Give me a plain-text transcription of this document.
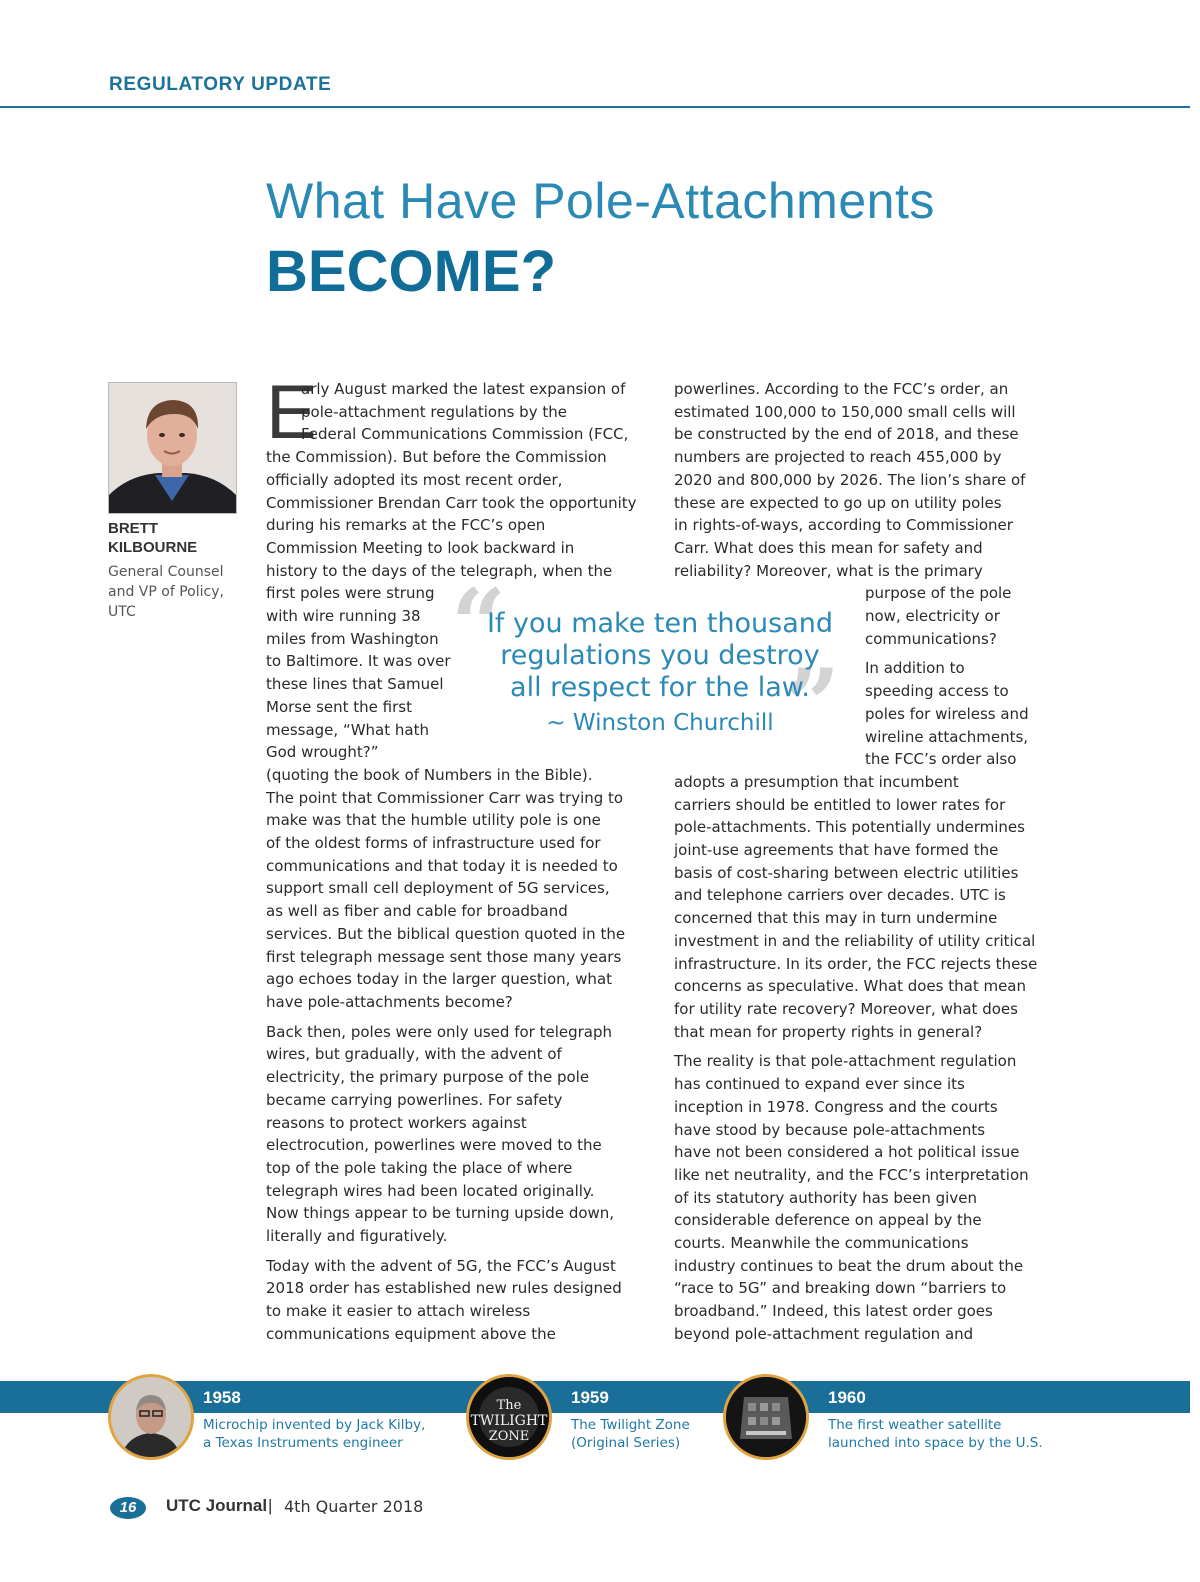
REGULATORY UPDATE
What Have Pole-Attachments
BECOME?
BRETT
KILBOURNE
General Counsel and VP of Policy, UTC
E

arly August marked the latest expansion of
pole-attachment regulations by the
Federal Communications Commission (FCC,
the Commission). But before the Commission
officially adopted its most recent order,
Commissioner Brendan Carr took the opportunity
during his remarks at the FCC’s open
Commission Meeting to look backward in
history to the days of the telegraph, when the
first poles were strung
with wire running 38
miles from Washington
to Baltimore. It was over
these lines that Samuel
Morse sent the first
message, “What hath
God wrought?”
(quoting the book of Numbers in the Bible).
The point that Commissioner Carr was trying to
make was that the humble utility pole is one
of the oldest forms of infrastructure used for
communications and that today it is needed to
support small cell deployment of 5G services,
as well as fiber and cable for broadband
services. But the biblical question quoted in the
first telegraph message sent those many years
ago echoes today in the larger question, what
have pole-attachments become?

Back then, poles were only used for telegraph
wires, but gradually, with the advent of
electricity, the primary purpose of the pole
became carrying powerlines. For safety
reasons to protect workers against
electrocution, powerlines were moved to the
top of the pole taking the place of where
telegraph wires had been located originally.
Now things appear to be turning upside down,
literally and figuratively.

Today with the advent of 5G, the FCC’s August
2018 order has established new rules designed
to make it easier to attach wireless
communications equipment above the

powerlines. According to the FCC’s order, an
estimated 100,000 to 150,000 small cells will
be constructed by the end of 2018, and these
numbers are projected to reach 455,000 by
2020 and 800,000 by 2026. The lion’s share of
these are expected to go up on utility poles
in rights-of-ways, according to Commissioner
Carr. What does this mean for safety and
reliability? Moreover, what is the primary
purpose of the pole
now, electricity or
communications?

In addition to
speeding access to
poles for wireless and
wireline attachments,
the FCC’s order also
adopts a presumption that incumbent
carriers should be entitled to lower rates for
pole-attachments. This potentially undermines
joint-use agreements that have formed the
basis of cost-sharing between electric utilities
and telephone carriers over decades. UTC is
concerned that this may in turn undermine
investment in and the reliability of utility critical
infrastructure. In its order, the FCC rejects these
concerns as speculative. What does that mean
for utility rate recovery? Moreover, what does
that mean for property rights in general?

The reality is that pole-attachment regulation
has continued to expand ever since its
inception in 1978. Congress and the courts
have stood by because pole-attachments
have not been considered a hot political issue
like net neutrality, and the FCC’s interpretation
of its statutory authority has been given
considerable deference on appeal by the
courts. Meanwhile the communications
industry continues to beat the drum about the
“race to 5G” and breaking down “barriers to
broadband.” Indeed, this latest order goes
beyond pole-attachment regulation and

“
”
If you make ten thousand regulations you destroy all respect for the law.
~ Winston Churchill
1958
Microchip invented by Jack Kilby,
a Texas Instruments engineer
The
TWILIGHT
ZONE
1959
The Twilight Zone
(Original Series)
1960
The first weather satellite
launched into space by the U.S.
16	UTC Journal | 4th Quarter 2018
